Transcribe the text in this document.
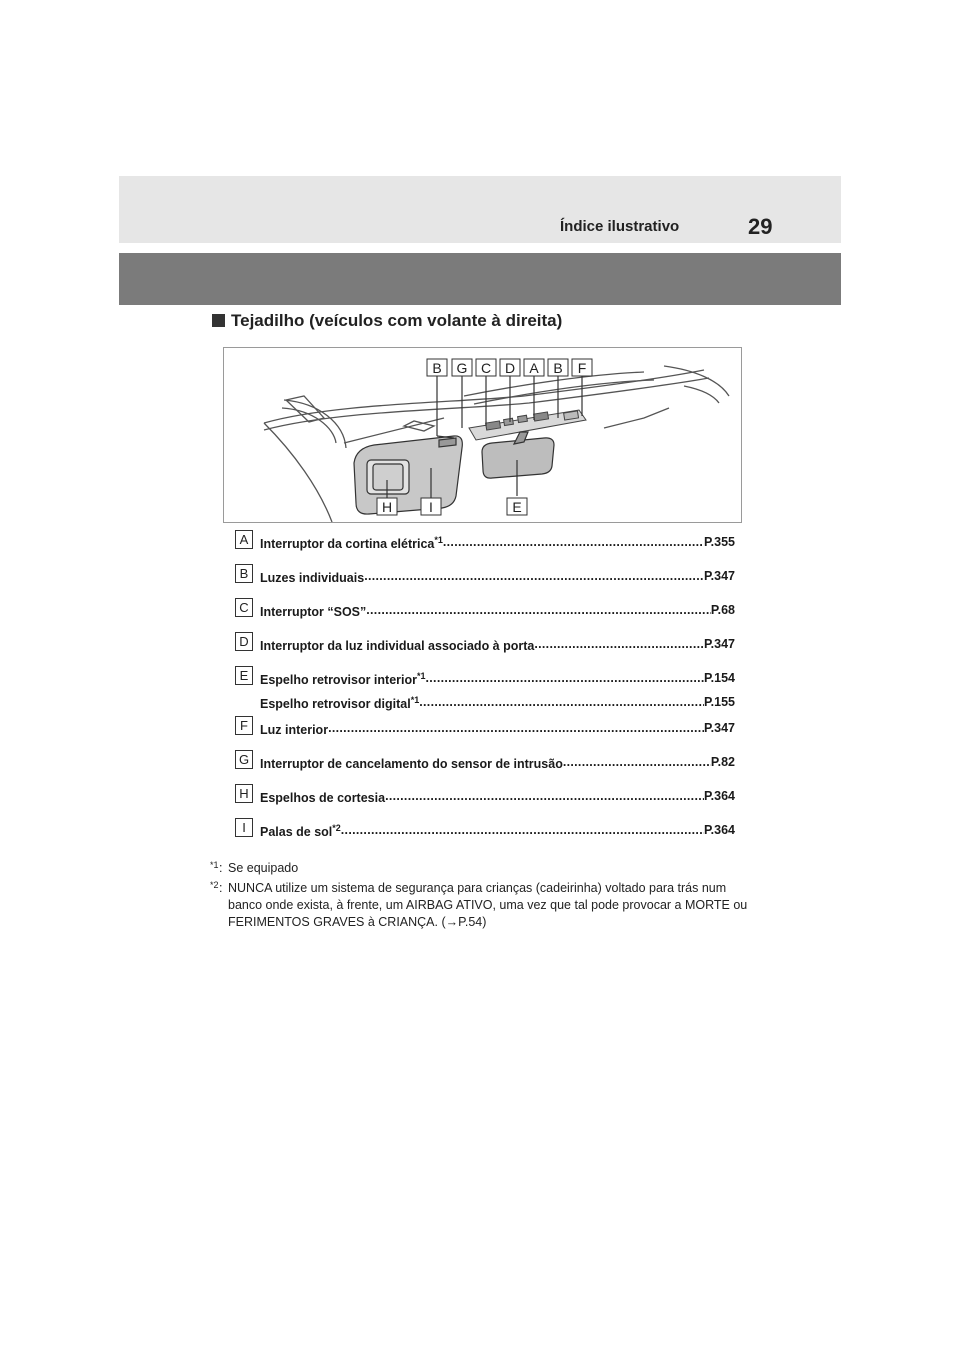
Índice ilustrativo	29
Tejadilho (veículos com volante à direita)
B G C D A B F
H	I	E
A Interruptor da cortina elétrica$^{*1}$ .....	P.355
B Luzes individuais .....	P.347
C Interruptor “SOS” .....	P.68
D Interruptor da luz individual associado à porta .....	P.347
E Espelho retrovisor interior$^{*1}$ .....	P.154
Espelho retrovisor digital$^{*1}$ .....	P.155
F Luz interior .....	P.347
G Interruptor de cancelamento do sensor de intrusão .....	P.82
H Espelhos de cortesia .....	P.364
I	Palas de sol$^{*2}$ .....	P.364
*1 : Se equipado
*2 : NUNCA utilize um sistema de segurança para crianças (cadeirinha) voltado para trás num banco onde exista, à frente, um AIRBAG ATIVO, uma vez que tal pode provocar a MORTE ou FERIMENTOS GRAVES à CRIANÇA. (→P.54)
